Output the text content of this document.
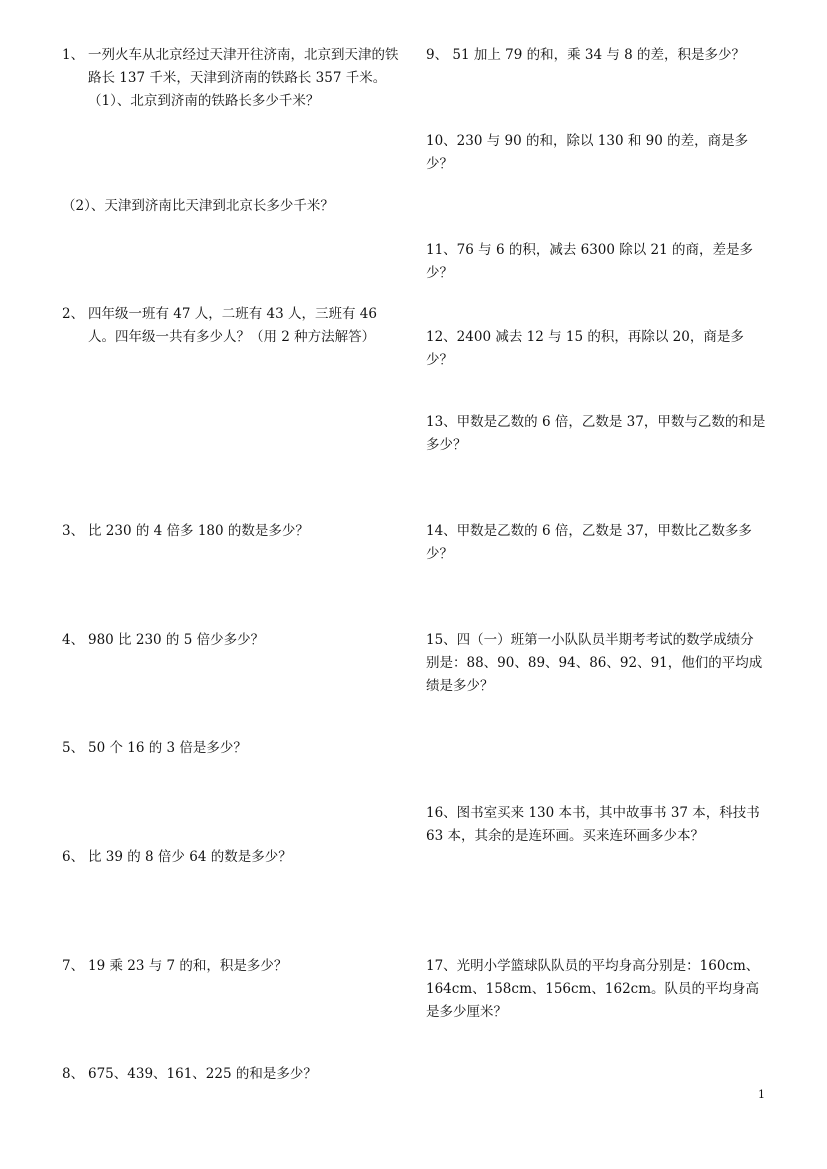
1、 一列火车从北京经过天津开往济南，北京到天津的铁路长 137 千米，天津到济南的铁路长 357 千米。（1）、北京到济南的铁路长多少千米？
（2）、天津到济南比天津到北京长多少千米？
2、 四年级一班有 47 人，二班有 43 人，三班有 46 人。四年级一共有多少人？（用 2 种方法解答）
3、 比 230 的 4 倍多 180 的数是多少？
4、 980 比 230 的 5 倍少多少？
5、 50 个 16 的 3 倍是多少？
6、 比 39 的 8 倍少 64 的数是多少？
7、 19 乘 23 与 7 的和，积是多少？
8、 675、439、161、225 的和是多少？
9、 51 加上 79 的和，乘 34 与 8 的差，积是多少？
10、230 与 90 的和，除以 130 和 90 的差，商是多少？
11、76 与 6 的积，减去 6300 除以 21 的商，差是多少？
12、2400 减去 12 与 15 的积，再除以 20，商是多少？
13、甲数是乙数的 6 倍，乙数是 37，甲数与乙数的和是多少？
14、甲数是乙数的 6 倍，乙数是 37，甲数比乙数多多少？
15、四（一）班第一小队队员半期考考试的数学成绩分别是：88、90、89、94、86、92、91，他们的平均成绩是多少？
16、图书室买来 130 本书，其中故事书 37 本，科技书 63 本，其余的是连环画。买来连环画多少本？
17、光明小学篮球队队员的平均身高分别是：160cm、164cm、158cm、156cm、162cm。队员的平均身高是多少厘米？
1
